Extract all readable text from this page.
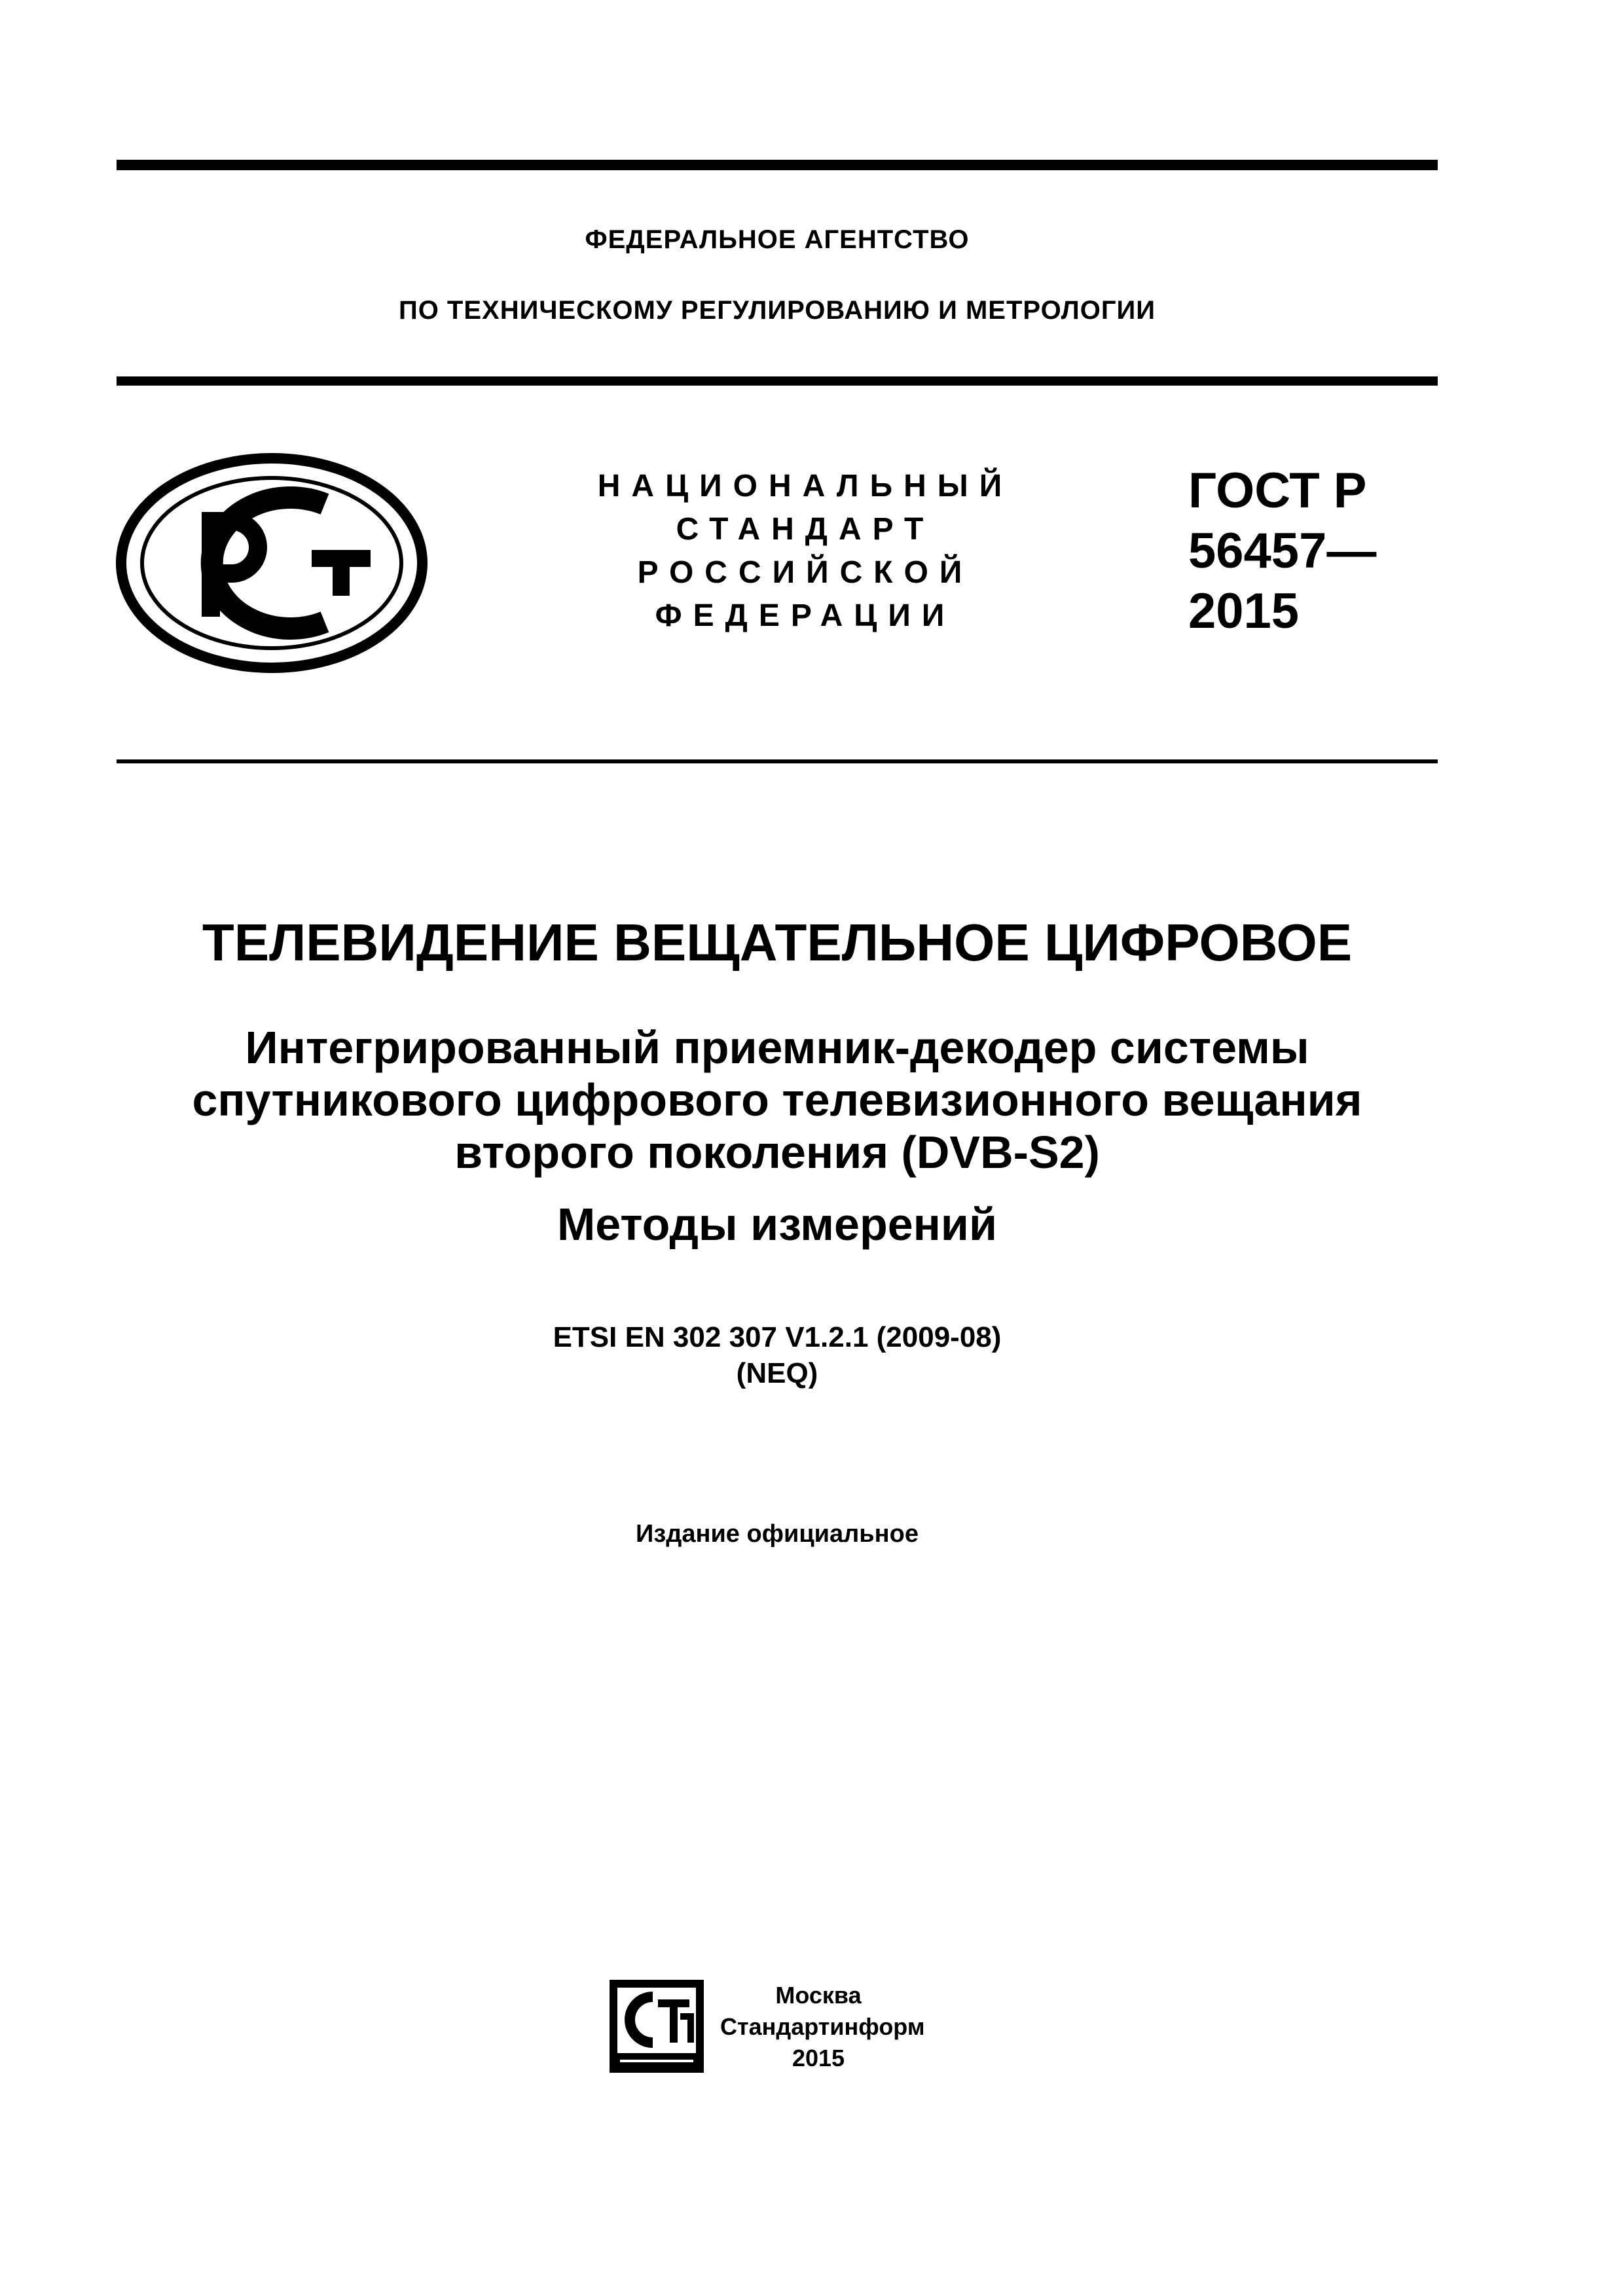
ФЕДЕРАЛЬНОЕ АГЕНТСТВО
ПО ТЕХНИЧЕСКОМУ РЕГУЛИРОВАНИЮ И МЕТРОЛОГИИ
НАЦИОНАЛЬНЫЙ
СТАНДАРТ
РОССИЙСКОЙ
ФЕДЕРАЦИИ
ГОСТ Р
56457—
2015
ТЕЛЕВИДЕНИЕ ВЕЩАТЕЛЬНОЕ ЦИФРОВОЕ
Интегрированный приемник-декодер системы
спутникового цифрового телевизионного вещания
второго поколения (DVB-S2)
Методы измерений
ETSI EN 302 307 V1.2.1 (2009-08)
(NEQ)
Издание официальное
Москва
Стандартинформ
2015
